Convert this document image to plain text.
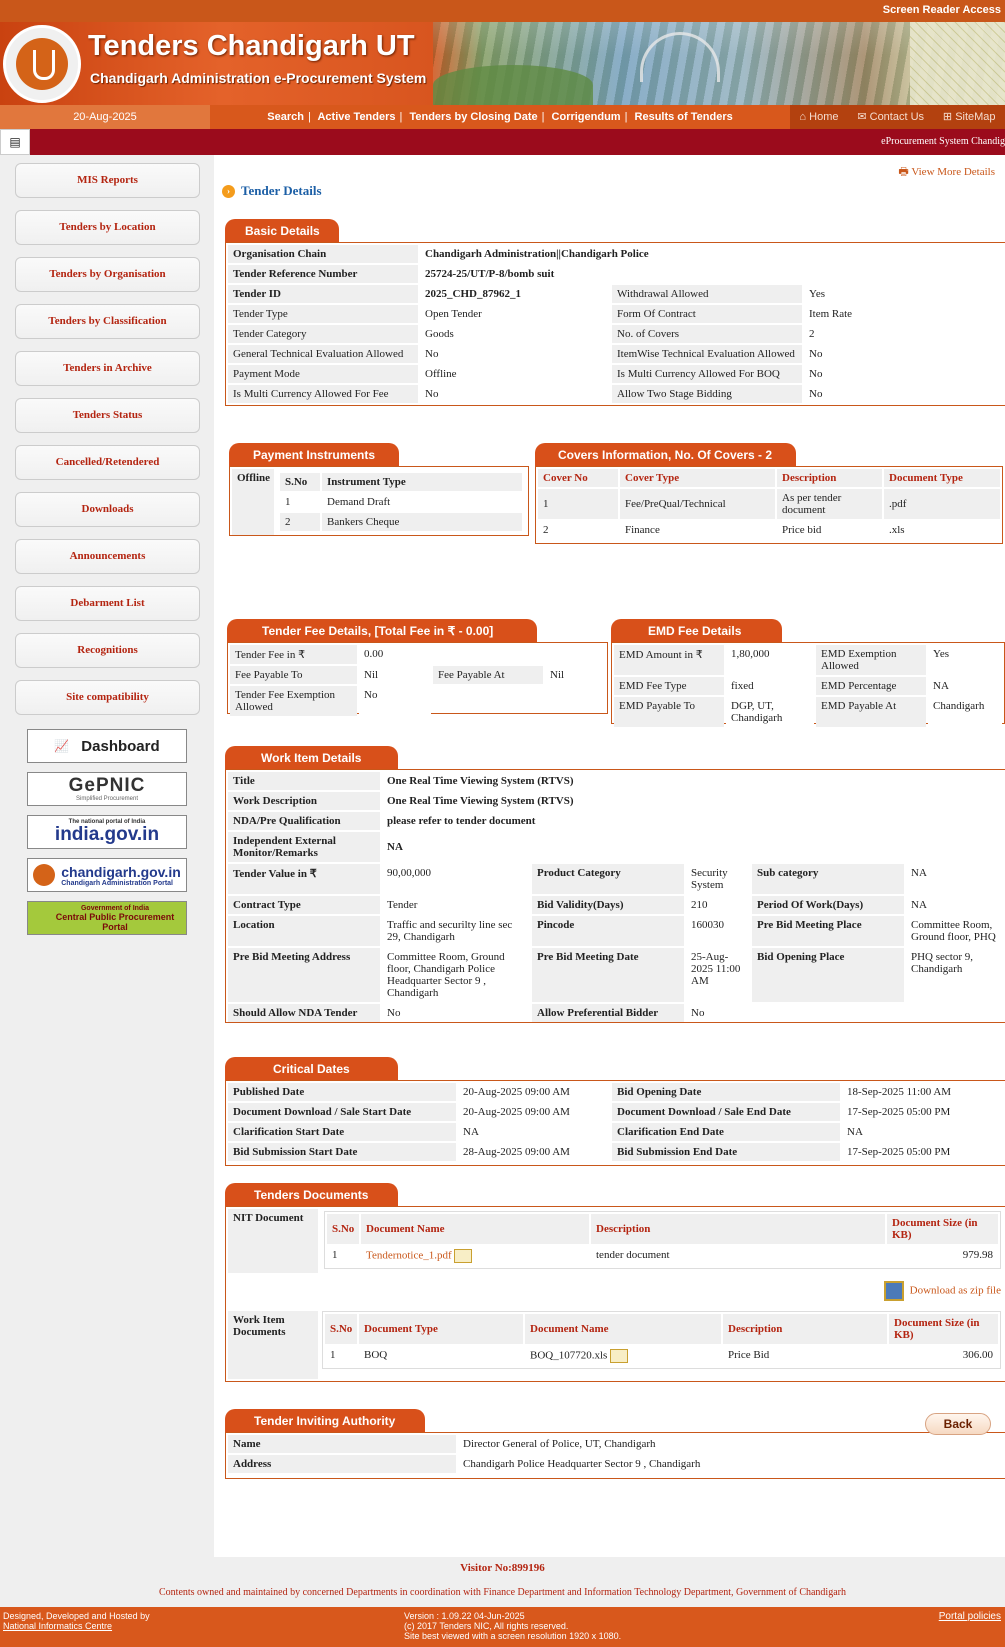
Screen Reader Access
Tenders Chandigarh UT
Chandigarh Administration e-Procurement System
20-Aug-2025	Search | Active Tenders | Tenders by Closing Date | Corrigendum | Results of Tenders	⌂ Home ✉ Contact Us ⊞ SiteMap
▤	eProcurement System Chandig
MIS Reports
Tenders by Location
Tenders by Organisation
Tenders by Classification
Tenders in Archive
Tenders Status
Cancelled/Retendered
Downloads
Announcements
Debarment List
Recognitions
Site compatibility
📈 Dashboard
GePNIC
Simplified Procurement
The national portal of India
india.gov.in
chandigarh.gov.in
Chandigarh Administration Portal
Government of India
Central Public Procurement Portal
🖶 View More Details
› Tender Details
Basic Details
Organisation Chain	Chandigarh Administration||Chandigarh Police		
Tender Reference Number	25724-25/UT/P-8/bomb suit		
Tender ID	2025_CHD_87962_1	Withdrawal Allowed	Yes
Tender Type	Open Tender	Form Of Contract	Item Rate
Tender Category	Goods	No. of Covers	2
General Technical Evaluation Allowed	No	ItemWise Technical Evaluation Allowed	No
Payment Mode	Offline	Is Multi Currency Allowed For BOQ	No
Is Multi Currency Allowed For Fee	No	Allow Two Stage Bidding	No
Payment Instruments
Offline	S.No	Instrument Type
1	Demand Draft
2	Bankers Cheque
Covers Information, No. Of Covers - 2
Cover No	Cover Type	Description	Document Type
1	Fee/PreQual/Technical	As per tender document	.pdf
2	Finance	Price bid	.xls
Tender Fee Details, [Total Fee in ₹ - 0.00]
Tender Fee in ₹	0.00		
Fee Payable To	Nil	Fee Payable At	Nil
Tender Fee Exemption Allowed	No		
EMD Fee Details
EMD Amount in ₹	1,80,000	EMD Exemption Allowed	Yes
EMD Fee Type	fixed	EMD Percentage	NA
EMD Payable To	DGP, UT, Chandigarh	EMD Payable At	Chandigarh
Work Item Details
Title	One Real Time Viewing System (RTVS)				
Work Description	One Real Time Viewing System (RTVS)				
NDA/Pre Qualification	please refer to tender document				
Independent External Monitor/Remarks	NA				
Tender Value in ₹	90,00,000	Product Category	Security System	Sub category	NA
Contract Type	Tender	Bid Validity(Days)	210	Period Of Work(Days)	NA
Location	Traffic and securilty line sec 29, Chandigarh	Pincode	160030	Pre Bid Meeting Place	Committee Room, Ground floor, PHQ
Pre Bid Meeting Address	Committee Room, Ground floor, Chandigarh Police Headquarter Sector 9 , Chandigarh	Pre Bid Meeting Date	25-Aug-2025 11:00 AM	Bid Opening Place	PHQ sector 9, Chandigarh
Should Allow NDA Tender	No	Allow Preferential Bidder	No		
Critical Dates
Published Date	20-Aug-2025 09:00 AM	Bid Opening Date	18-Sep-2025 11:00 AM
Document Download / Sale Start Date	20-Aug-2025 09:00 AM	Document Download / Sale End Date	17-Sep-2025 05:00 PM
Clarification Start Date	NA	Clarification End Date	NA
Bid Submission Start Date	28-Aug-2025 09:00 AM	Bid Submission End Date	17-Sep-2025 05:00 PM
Tenders Documents
NIT Document	
S.No	Document Name	Description	Document Size (in KB)
1	Tendernotice_1.pdf	tender document	979.98

	Download as zip file
Work Item Documents		S.No	Document Type	Document Name	Description	Document Size (in KB)
1	BOQ	BOQ_107720.xls	Price Bid	306.00
Tender Inviting Authority
Name	Director General of Police, UT, Chandigarh
Address	Chandigarh Police Headquarter Sector 9 , Chandigarh
Back
Visitor No:899196
Contents owned and maintained by concerned Departments in coordination with Finance Department and Information Technology Department, Government of Chandigarh
Designed, Developed and Hosted by
National Informatics Centre
Version : 1.09.22 04-Jun-2025
(c) 2017 Tenders NIC, All rights reserved.
Site best viewed with a screen resolution 1920 x 1080.
Portal policies
